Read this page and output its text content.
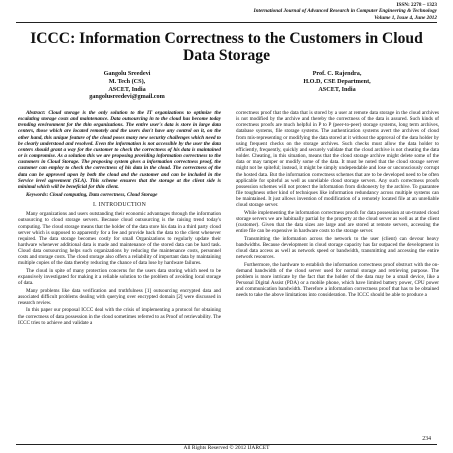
ISSN: 2278 – 1323
International Journal of Advanced Research in Computer Engineering & Technology
Volume 1, Issue 4, June 2012
ICCC: Information Correctness to the Customers in Cloud Data Storage
Gangolu Sreedevi
M. Tech (CS),
ASCET, India
gangolusreedevi@gmail.com
Prof. C. Rajendra,
H.O.D, CSE Department,
ASCET, India

Abstract: Cloud storage is the only solution to the IT organizations to optimize the escalating storage costs and maintenance. Data outsourcing in to the cloud has become today trending environment for the thin organizations. The entire user's data is store in large data centers, those which are located remotely and the users don't have any control on it, on the other hand, this unique feature of the cloud poses many new security challenges which need to be clearly understood and resolved. Even the information is not accessible by the user the data centers should grant a way for the customer to check the correctness of his data is maintained or is compromise. As a solution this we are proposing providing information correctness to the customers in Cloud Storage. The proposing system gives a information correctness proof, the customer can employ to check the correctness of his data in the cloud. The correctness of the data can be approved upon by both the cloud and the customer and can be included in the Service level agreement (SLA). This scheme ensures that the storage at the client side is minimal which will be beneficial for thin client.

Keywords: Cloud computing, Data correctness, Cloud Storage

I. INTRODUCTION

Many organizations and users outstanding their economic advantages through the information outsourcing to cloud storage servers. Because cloud outsourcing is the raising trend today's computing. The cloud storage means that the holder of the data store his data in a third party cloud server which is supposed to apparently for a fee and provide back the data to the client whenever required. The data storage becomes costly for small Organizations to regularly update their hardware whenever additional data is made and maintenance of the stored data can be hard task. Cloud data outsourcing helps such organizations by reducing the maintenance costs, personnel costs and storage costs. The cloud storage also offers a reliability of important data by maintaining multiple copies of the data thereby reducing the chance of data lose by hardware failures.

The cloud in spite of many protection concerns for the users data storing which need to be expansively investigated for making it a reliable solution to the problem of avoiding local storage of data.

Many problems like data verification and truthfulness [1] outsourcing encrypted data and associated difficult problems dealing with querying over encrypted domain [2] were discussed in research review.

In this paper our proposal ICCC deal with the crisis of implementing a protocol for obtaining the correctness of data possession in the cloud sometimes referred to as Proof of retrievability. The ICCC tries to achieve and validate a

correctness proof that the data that is stored by a user at remote data storage in the cloud archives is not modified by the archive and thereby the correctness of the data is assured. Such kinds of correctness proofs are much helpful in P to P (peer-to-peer) storage systems, long term archives, database systems, file storage systems. The authentication systems avert the archives of cloud from mis-representing or modifying the data stored at it without the approval of the data holder by using frequent checks on the storage archives. Such checks must allow the data holder to efficiently, frequently, quickly and securely validate that the cloud archive is not cheating the data holder. Cheating, in this situation, means that the cloud storage archive might delete some of the data or may tamper or modify some of the data. It must be noted that the cloud storage server might not be spiteful; instead, it might be simply undependable and lose or unconsciously corrupt the hosted data. But the information correctness schemes that are to be developed need to be often applicable for spiteful as well as unreliable cloud storage servers. Any such correctness proofs possession schemes will not protect the information from dishonesty by the archive. To guarantee file toughness other kind of techniques like information redundancy across multiple systems can be maintained. It just allows invention of modification of a remotely located file at an unreliable cloud storage server.

While implementing the information correctness proofs for data possession at un-trusted cloud storage servers we are habitually partial by the property at the cloud server as well as at the client (customer). Given that the data sizes are large and are stored at remote servers, accessing the entire file can be expensive in hardware costs to the storage server.

Transmitting the information across the network to the user (client) can devour heavy bandwidths. Because development in cloud storage capacity has far outpaced the development in cloud data access as well as network speed or bandwidth, transmitting and accessing the entire network resources.

Furthermore, the hardware to establish the information correctness proof obstruct with the on-demand bandwidth of the cloud server used for normal storage and retrieving purpose. The problem is more intricate by the fact that the holder of the data may be a small device, like a Personal Digital Assist (PDA) or a mobile phone, which have limited battery power, CPU power and communication bandwidth. Therefore a information correctness proof that has to be obtained needs to take the above limitations into consideration. The ICCC should be able to produce a

234
All Rights Reserved © 2012 IJARCET
